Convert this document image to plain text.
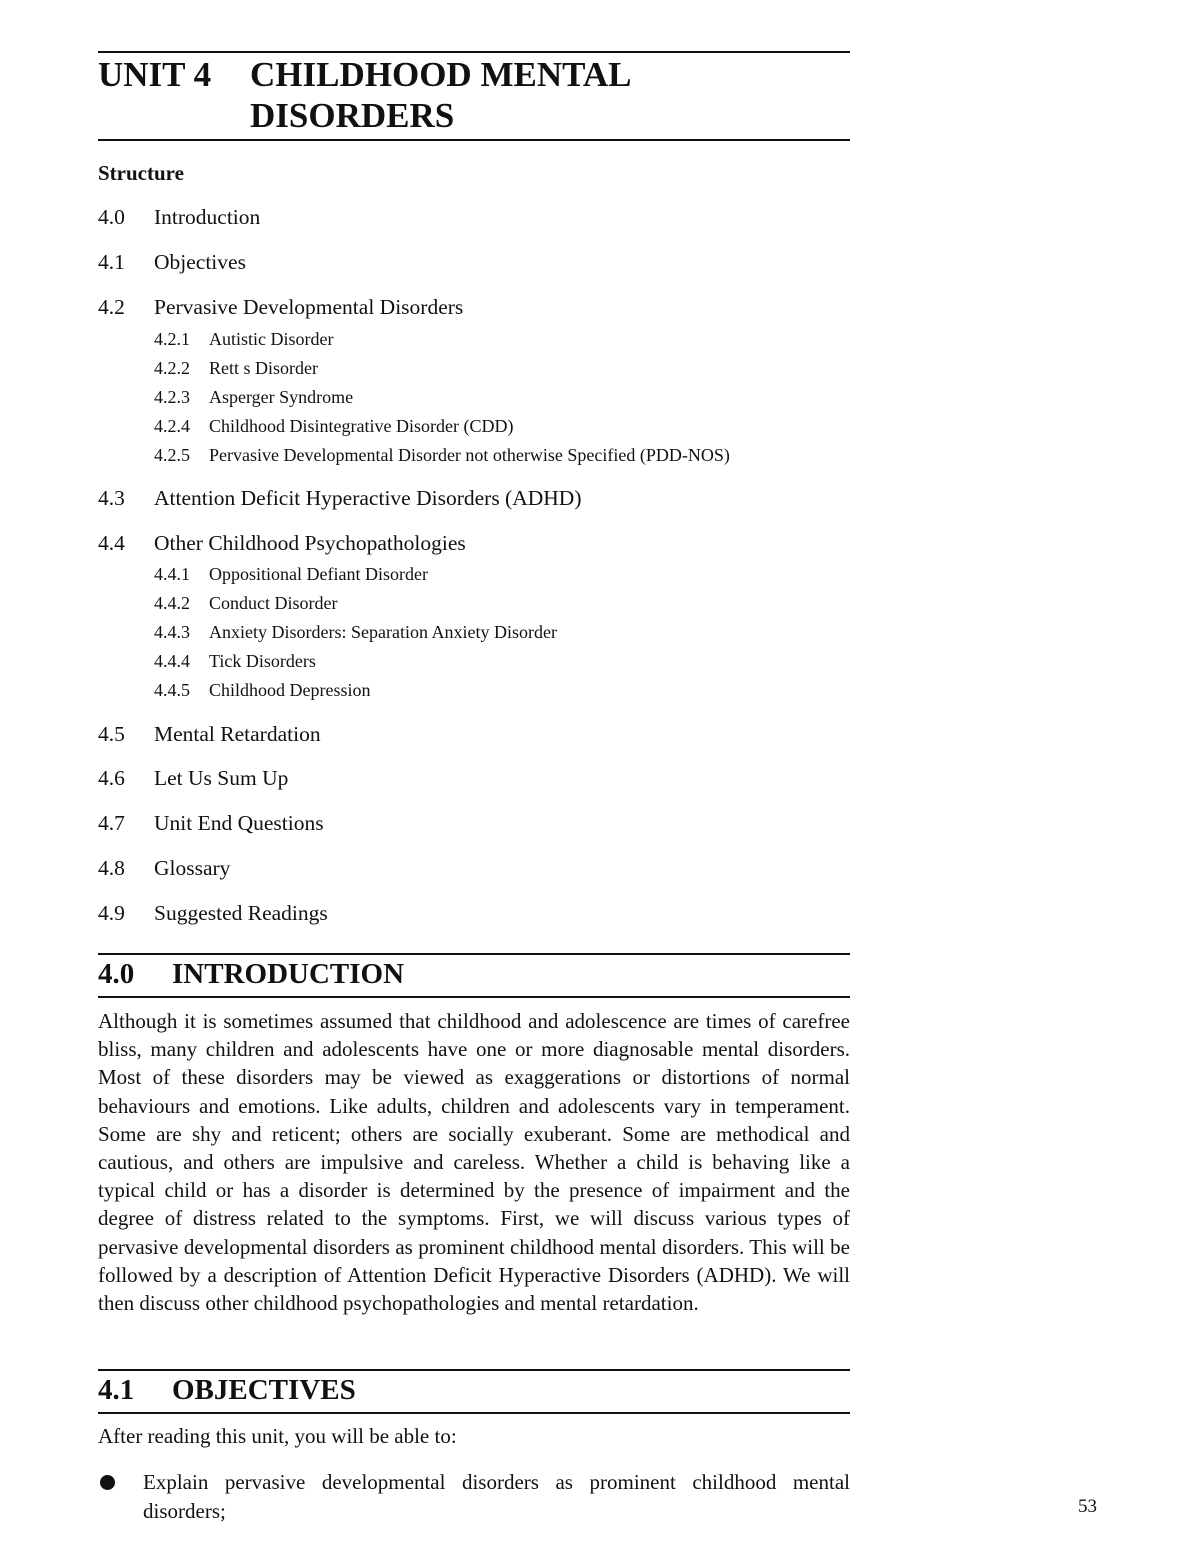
UNIT 4 CHILDHOOD MENTAL DISORDERS
Structure
4.0 Introduction
4.1 Objectives
4.2 Pervasive Developmental Disorders
4.2.1 Autistic Disorder
4.2.2 Rett s Disorder
4.2.3 Asperger Syndrome
4.2.4 Childhood Disintegrative Disorder (CDD)
4.2.5 Pervasive Developmental Disorder not otherwise Specified (PDD-NOS)
4.3 Attention Deficit Hyperactive Disorders (ADHD)
4.4 Other Childhood Psychopathologies
4.4.1 Oppositional Defiant Disorder
4.4.2 Conduct Disorder
4.4.3 Anxiety Disorders: Separation Anxiety Disorder
4.4.4 Tick Disorders
4.4.5 Childhood Depression
4.5 Mental Retardation
4.6 Let Us Sum Up
4.7 Unit End Questions
4.8 Glossary
4.9 Suggested Readings
4.0 INTRODUCTION

Although it is sometimes assumed that childhood and adolescence are times of carefree bliss, many children and adolescents have one or more diagnosable mental disorders. Most of these disorders may be viewed as exaggerations or distortions of normal behaviours and emotions. Like adults, children and adolescents vary in temperament. Some are shy and reticent; others are socially exuberant. Some are methodical and cautious, and others are impulsive and careless. Whether a child is behaving like a typical child or has a disorder is determined by the presence of impairment and the degree of distress related to the symptoms. First, we will discuss various types of pervasive developmental disorders as prominent childhood mental disorders. This will be followed by a description of Attention Deficit Hyperactive Disorders (ADHD). We will then discuss other childhood psychopathologies and mental retardation.

4.1 OBJECTIVES

After reading this unit, you will be able to:

Explain pervasive developmental disorders as prominent childhood mental disorders;	53
